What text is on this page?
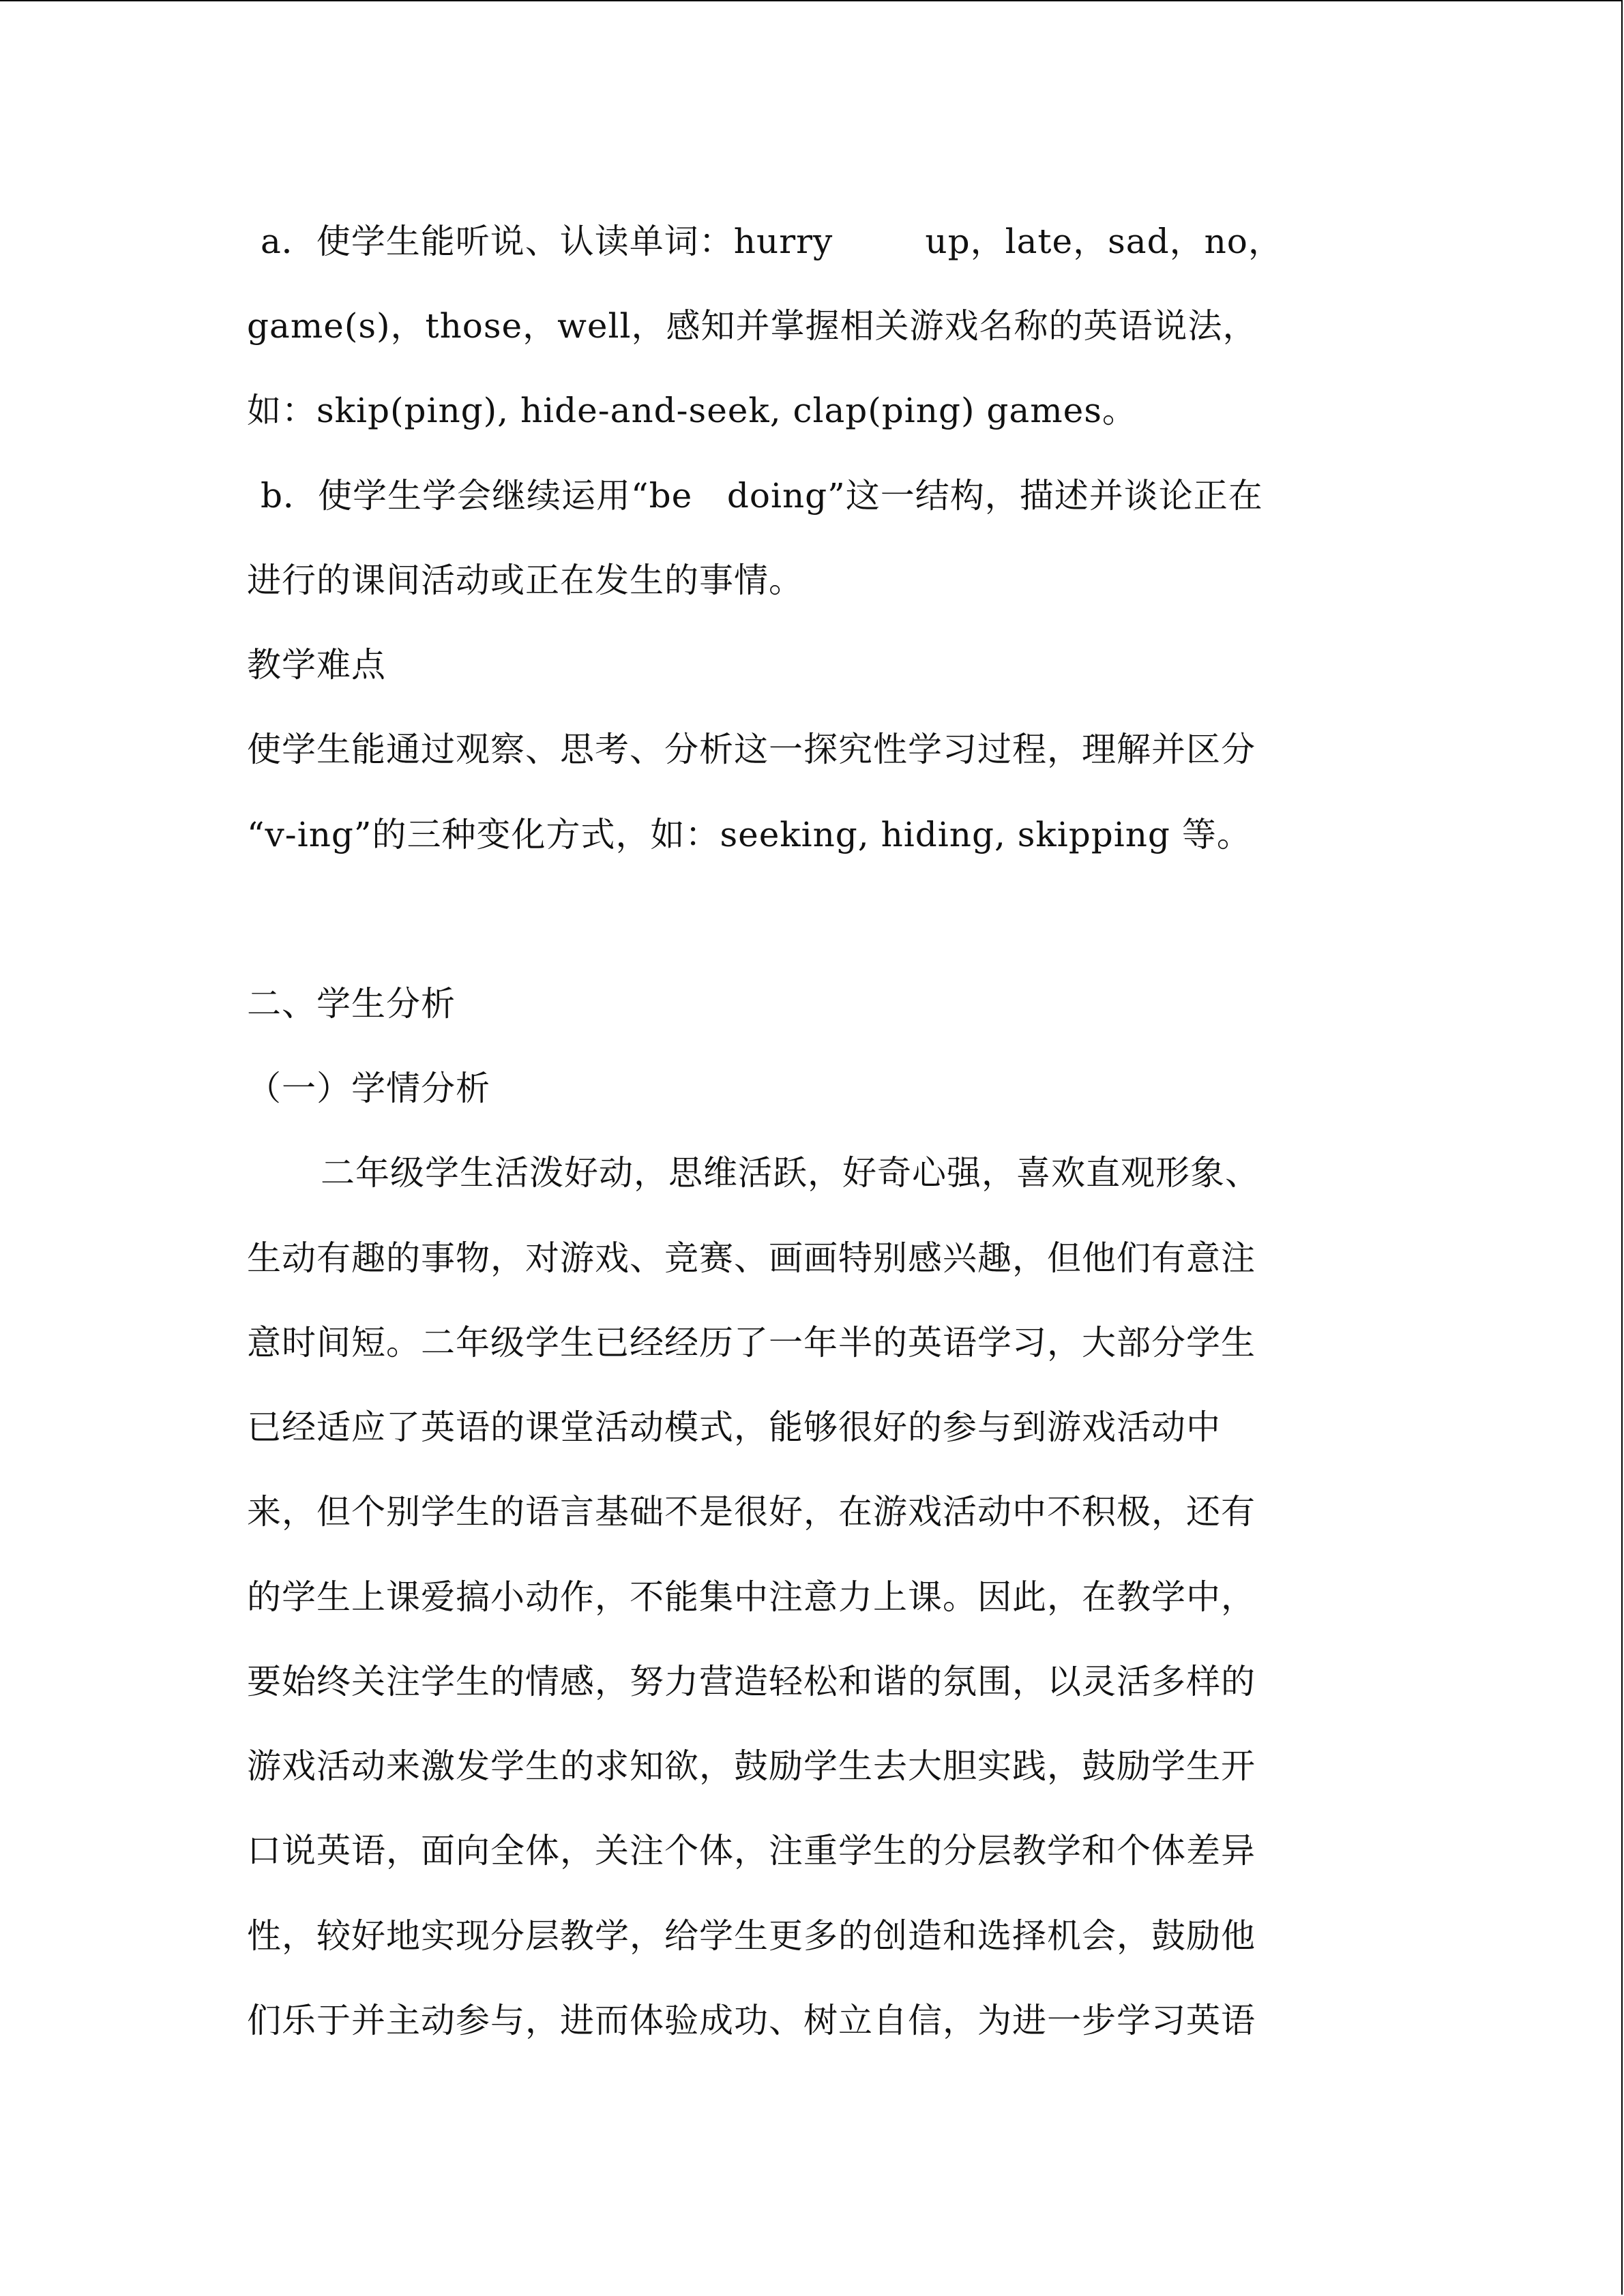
a．使学生能听说、认读单词：hurry        up，late，sad，no，
game(s)，those，well，感知并掌握相关游戏名称的英语说法，
如：skip(ping), hide-and-seek, clap(ping) games。
b．使学生学会继续运用“be   doing”这一结构，描述并谈论正在
进行的课间活动或正在发生的事情。
教学难点
使学生能通过观察、思考、分析这一探究性学习过程，理解并区分
“v-ing”的三种变化方式，如：seeking, hiding, skipping 等。
二、学生分析
（一）学情分析
二年级学生活泼好动，思维活跃，好奇心强，喜欢直观形象、
生动有趣的事物，对游戏、竞赛、画画特别感兴趣，但他们有意注
意时间短。二年级学生已经经历了一年半的英语学习，大部分学生
已经适应了英语的课堂活动模式，能够很好的参与到游戏活动中
来，但个别学生的语言基础不是很好，在游戏活动中不积极，还有
的学生上课爱搞小动作，不能集中注意力上课。因此，在教学中，
要始终关注学生的情感，努力营造轻松和谐的氛围，以灵活多样的
游戏活动来激发学生的求知欲，鼓励学生去大胆实践，鼓励学生开
口说英语，面向全体，关注个体，注重学生的分层教学和个体差异
性，较好地实现分层教学，给学生更多的创造和选择机会，鼓励他
们乐于并主动参与，进而体验成功、树立自信，为进一步学习英语
